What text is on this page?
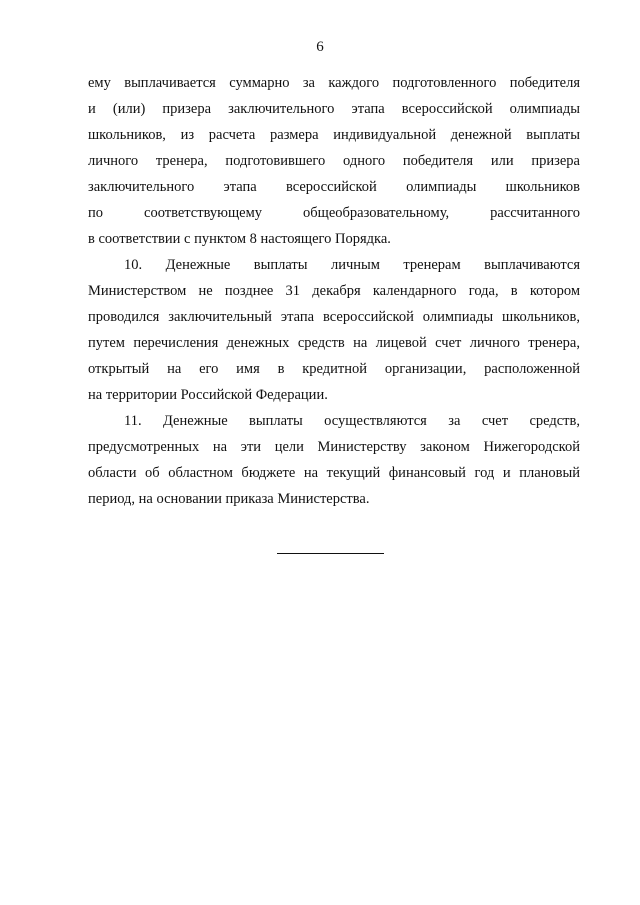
6
ему выплачивается суммарно за каждого подготовленного победителя
и (или) призера заключительного этапа всероссийской олимпиады
школьников, из расчета размера индивидуальной денежной выплаты
личного тренера, подготовившего одного победителя или призера
заключительного этапа всероссийской олимпиады школьников
по соответствующему общеобразовательному, рассчитанного
в соответствии с пунктом 8 настоящего Порядка.
10. Денежные выплаты личным тренерам выплачиваются
Министерством не позднее 31 декабря календарного года, в котором
проводился заключительный этапа всероссийской олимпиады школьников,
путем перечисления денежных средств на лицевой счет личного тренера,
открытый на его имя в кредитной организации, расположенной
на территории Российской Федерации.
11. Денежные выплаты осуществляются за счет средств,
предусмотренных на эти цели Министерству законом Нижегородской
области об областном бюджете на текущий финансовый год и плановый
период, на основании приказа Министерства.
